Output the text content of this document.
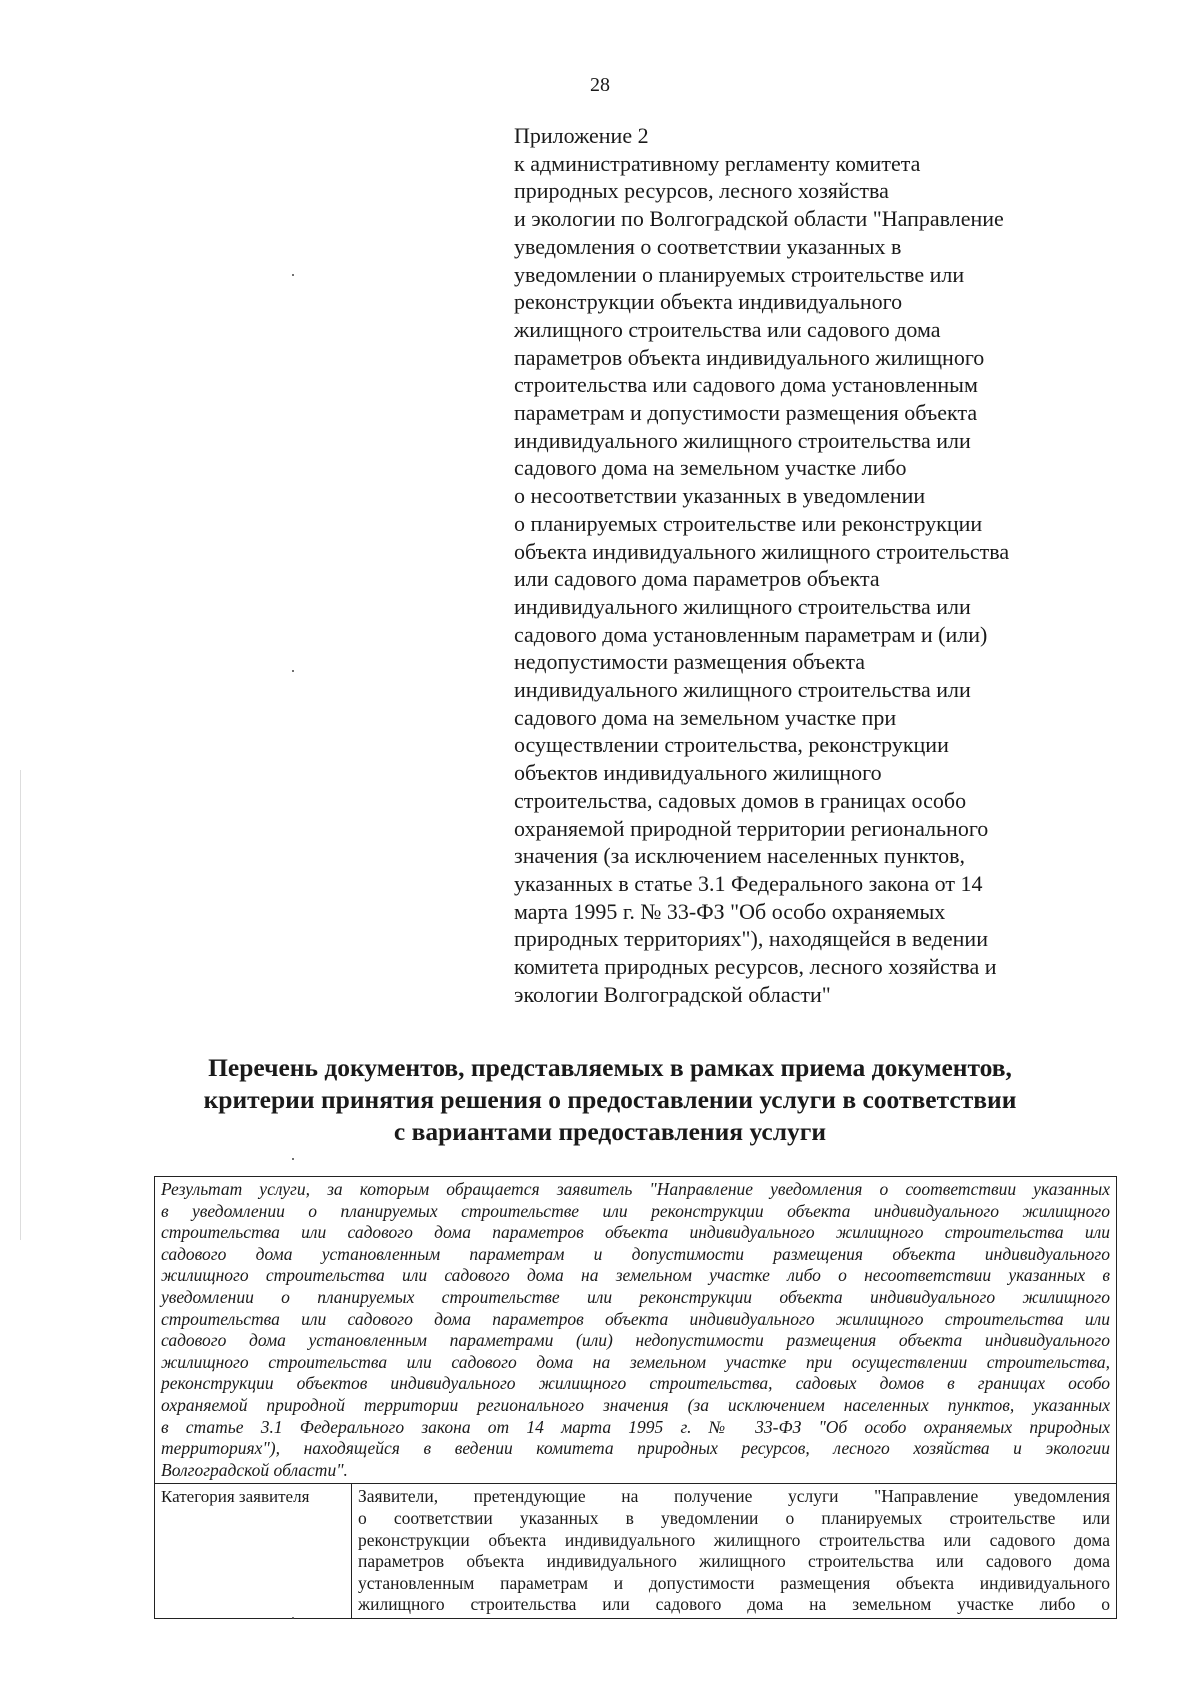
28
Приложение 2
к административному регламенту комитета
природных ресурсов, лесного хозяйства
и экологии по Волгоградской области "Направление
уведомления о соответствии указанных в
уведомлении о планируемых строительстве или
реконструкции объекта индивидуального
жилищного строительства или садового дома
параметров объекта индивидуального жилищного
строительства или садового дома установленным
параметрам и допустимости размещения объекта
индивидуального жилищного строительства или
садового дома на земельном участке либо
о несоответствии указанных в уведомлении
о планируемых строительстве или реконструкции
объекта индивидуального жилищного строительства
или садового дома параметров объекта
индивидуального жилищного строительства или
садового дома установленным параметрам и (или)
недопустимости размещения объекта
индивидуального жилищного строительства или
садового дома на земельном участке при
осуществлении строительства, реконструкции
объектов индивидуального жилищного
строительства, садовых домов в границах особо
охраняемой природной территории регионального
значения (за исключением населенных пунктов,
указанных в статье 3.1 Федерального закона от 14
марта 1995 г. № 33-ФЗ "Об особо охраняемых
природных территориях"), находящейся в ведении
комитета природных ресурсов, лесного хозяйства и
экологии Волгоградской области"
Перечень документов, представляемых в рамках приема документов,
критерии принятия решения о предоставлении услуги в соответствии
с вариантами предоставления услуги
Результат услуги, за которым обращается заявитель "Направление уведомления о соответствии указанных
в уведомлении о планируемых строительстве или реконструкции объекта индивидуального жилищного
строительства или садового дома параметров объекта индивидуального жилищного строительства или
садового дома установленным параметрам и допустимости размещения объекта индивидуального
жилищного строительства или садового дома на земельном участке либо о несоответствии указанных в
уведомлении о планируемых строительстве или реконструкции объекта индивидуального жилищного
строительства или садового дома параметров объекта индивидуального жилищного строительства или
садового дома установленным параметрами (или) недопустимости размещения объекта индивидуального
жилищного строительства или садового дома на земельном участке при осуществлении строительства,
реконструкции объектов индивидуального жилищного строительства, садовых домов в границах особо
охраняемой природной территории регионального значения (за исключением населенных пунктов, указанных
в статье 3.1 Федерального закона от 14 марта 1995 г. № 33-ФЗ "Об особо охраняемых природных
территориях"), находящейся в ведении комитета природных ресурсов, лесного хозяйства и экологии
Волгоградской области".

Категория заявителя	Заявители, претендующие на получение услуги "Направление уведомления
о соответствии указанных в уведомлении о планируемых строительстве или
реконструкции объекта индивидуального жилищного строительства или садового дома
параметров объекта индивидуального жилищного строительства или садового дома
установленным параметрам и допустимости размещения объекта индивидуального
жилищного строительства или садового дома на земельном участке либо о
